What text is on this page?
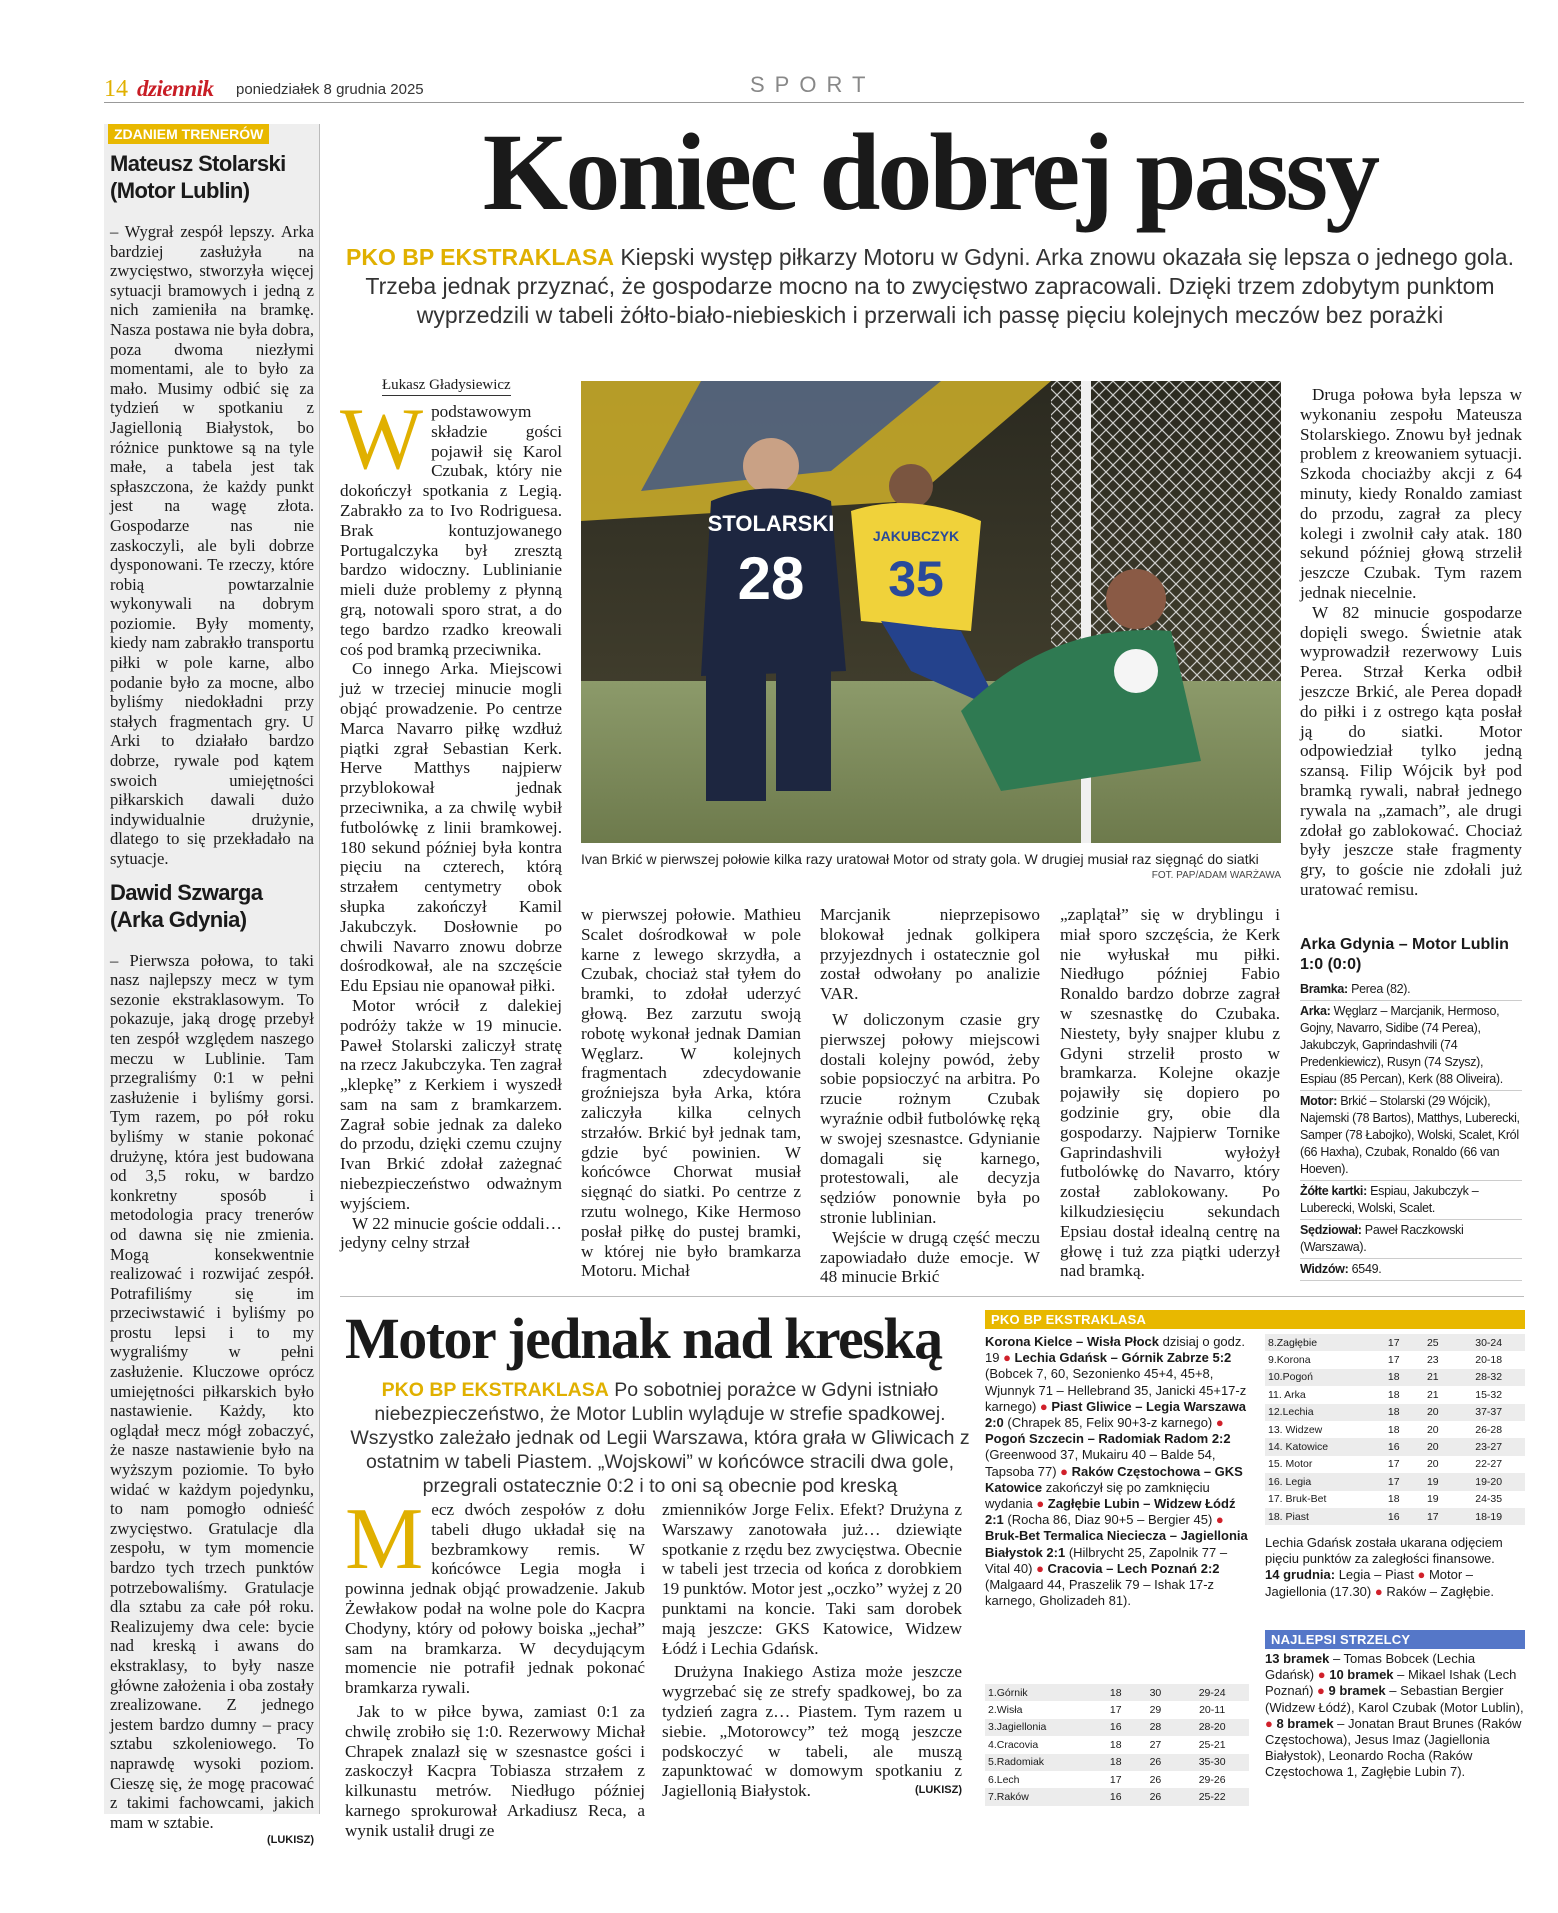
14 dziennik poniedziałek 8 grudnia 2025	SPORT
ZDANIEM TRENERÓW
Mateusz Stolarski
(Motor Lublin)
– Wygrał zespół lepszy. Arka bardziej zasłużyła na zwycięstwo, stworzyła więcej sytuacji bramowych i jedną z nich zamieniła na bramkę. Nasza postawa nie była dobra, poza dwoma niezłymi momentami, ale to było za mało. Musimy odbić się za tydzień w spotkaniu z Jagiellonią Białystok, bo różnice punktowe są na tyle małe, a tabela jest tak spłaszczona, że każdy punkt jest na wagę złota. Gospodarze nas nie zaskoczyli, ale byli dobrze dysponowani. Te rzeczy, które robią powtarzalnie wykonywali na dobrym poziomie. Były momenty, kiedy nam zabrakło transportu piłki w pole karne, albo podanie było za mocne, albo byliśmy niedokładni przy stałych fragmentach gry. U Arki to działało bardzo dobrze, rywale pod kątem swoich umiejętności piłkarskich dawali dużo indywidualnie drużynie, dlatego to się przekładało na sytuacje.
Dawid Szwarga
(Arka Gdynia)
– Pierwsza połowa, to taki nasz najlepszy mecz w tym sezonie ekstraklasowym. To pokazuje, jaką drogę przebył ten zespół względem naszego meczu w Lublinie. Tam przegraliśmy 0:1 w pełni zasłużenie i byliśmy gorsi. Tym razem, po pół roku byliśmy w stanie pokonać drużynę, która jest budowana od 3,5 roku, w bardzo konkretny sposób i metodologia pracy trenerów od dawna się nie zmienia. Mogą konsekwentnie realizować i rozwijać zespół. Potrafiliśmy się im przeciwstawić i byliśmy po prostu lepsi i to my wygraliśmy w pełni zasłużenie. Kluczowe oprócz umiejętności piłkarskich było nastawienie. Każdy, kto oglądał mecz mógł zobaczyć, że nasze nastawienie było na wyższym poziomie. To było widać w każdym pojedynku, to nam pomogło odnieść zwycięstwo. Gratulacje dla zespołu, w tym momencie bardzo tych trzech punktów potrzebowaliśmy. Gratulacje dla sztabu za całe pół roku. Realizujemy dwa cele: bycie nad kreską i awans do ekstraklasy, to były nasze główne założenia i oba zostały zrealizowane. Z jednego jestem bardzo dumny – pracy sztabu szkoleniowego. To naprawdę wysoki poziom. Cieszę się, że mogę pracować z takimi fachowcami, jakich mam w sztabie.
(LUKISZ)
Koniec dobrej passy
PKO BP EKSTRAKLASA Kiepski występ piłkarzy Motoru w Gdyni. Arka znowu okazała się lepsza o jednego gola. Trzeba jednak przyznać, że gospodarze mocno na to zwycięstwo zapracowali. Dzięki trzem zdobytym punktom wyprzedzili w tabeli żółto-biało-niebieskich i przerwali ich passę pięciu kolejnych meczów bez porażki
Łukasz Gładysiewicz
W podstawowym składzie gości pojawił się Karol Czubak, który nie dokończył spotkania z Legią. Zabrakło za to Ivo Rodriguesa. Brak kontuzjowanego Portugalczyka był zresztą bardzo widoczny. Lublinianie mieli duże problemy z płynną grą, notowali sporo strat, a do tego bardzo rzadko kreowali coś pod bramką przeciwnika.

Co innego Arka. Miejscowi już w trzeciej minucie mogli objąć prowadzenie. Po centrze Marca Navarro piłkę wzdłuż piątki zgrał Sebastian Kerk. Herve Matthys najpierw przyblokował jednak przeciwnika, a za chwilę wybił futbolówkę z linii bramkowej. 180 sekund później była kontra pięciu na czterech, którą strzałem centymetry obok słupka zakończył Kamil Jakubczyk. Dosłownie po chwili Navarro znowu dobrze dośrodkował, ale na szczęście Edu Epsiau nie opanował piłki.

Motor wrócił z dalekiej podróży także w 19 minucie. Paweł Stolarski zaliczył stratę na rzecz Jakubczyka. Ten zagrał „klepkę” z Kerkiem i wyszedł sam na sam z bramkarzem. Zagrał sobie jednak za daleko do przodu, dzięki czemu czujny Ivan Brkić zdołał zażegnać niebezpieczeństwo odważnym wyjściem.

W 22 minucie goście oddali… jedyny celny strzał

STOLARSKI
28
JAKUBCZYK
35
Ivan Brkić w pierwszej połowie kilka razy uratował Motor od straty gola. W drugiej musiał raz sięgnąć do siatki
FOT. PAP/ADAM WARŻAWA

w pierwszej połowie. Mathieu Scalet dośrodkował w pole karne z lewego skrzydła, a Czubak, chociaż stał tyłem do bramki, to zdołał uderzyć głową. Bez zarzutu swoją robotę wykonał jednak Damian Węglarz. W kolejnych fragmentach zdecydowanie groźniejsza była Arka, która zaliczyła kilka celnych strzałów. Brkić był jednak tam, gdzie być powinien. W końcówce Chorwat musiał sięgnąć do siatki. Po centrze z rzutu wolnego, Kike Hermoso posłał piłkę do pustej bramki, w której nie było bramkarza Motoru. Michał

Marcjanik nieprzepisowo blokował jednak golkipera przyjezdnych i ostatecznie gol został odwołany po analizie VAR.

W doliczonym czasie gry pierwszej połowy miejscowi dostali kolejny powód, żeby sobie popsioczyć na arbitra. Po rzucie rożnym Czubak wyraźnie odbił futbolówkę ręką w swojej szesnastce. Gdynianie domagali się karnego, protestowali, ale decyzja sędziów ponownie była po stronie lublinian.

Wejście w drugą część meczu zapowiadało duże emocje. W 48 minucie Brkić

„zaplątał” się w dryblingu i miał sporo szczęścia, że Kerk nie wyłuskał mu piłki. Niedługo później Fabio Ronaldo bardzo dobrze zagrał w szesnastkę do Czubaka. Niestety, były snajper klubu z Gdyni strzelił prosto w bramkarza. Kolejne okazje pojawiły się dopiero po godzinie gry, obie dla gospodarzy. Najpierw Tornike Gaprindashvili wyłożył futbolówkę do Navarro, który został zablokowany. Po kilkudziesięciu sekundach Epsiau dostał idealną centrę na głowę i tuż zza piątki uderzył nad bramką.

Druga połowa była lepsza w wykonaniu zespołu Mateusza Stolarskiego. Znowu był jednak problem z kreowaniem sytuacji. Szkoda chociażby akcji z 64 minuty, kiedy Ronaldo zamiast do przodu, zagrał za plecy kolegi i zwolnił cały atak. 180 sekund później głową strzelił jeszcze Czubak. Tym razem jednak niecelnie.

W 82 minucie gospodarze dopięli swego. Świetnie atak wyprowadził rezerwowy Luis Perea. Strzał Kerka odbił jeszcze Brkić, ale Perea dopadł do piłki i z ostrego kąta posłał ją do siatki. Motor odpowiedział tylko jedną szansą. Filip Wójcik był pod bramką rywali, nabrał jednego rywala na „zamach”, ale drugi zdołał go zablokować. Chociaż były jeszcze stałe fragmenty gry, to goście nie zdołali już uratować remisu.

Arka Gdynia – Motor Lublin 1:0 (0:0)
Bramka: Perea (82).
Arka: Węglarz – Marcjanik, Hermoso, Gojny, Navarro, Sidibe (74 Perea), Jakubczyk, Gaprindashvili (74 Predenkiewicz), Rusyn (74 Szysz), Espiau (85 Percan), Kerk (88 Oliveira).
Motor: Brkić – Stolarski (29 Wójcik), Najemski (78 Bartos), Matthys, Luberecki, Samper (78 Łabojko), Wolski, Scalet, Król (66 Haxha), Czubak, Ronaldo (66 van Hoeven).
Żółte kartki: Espiau, Jakubczyk – Luberecki, Wolski, Scalet.
Sędziował: Paweł Raczkowski (Warszawa).
Widzów: 6549.
Motor jednak nad kreską
PKO BP EKSTRAKLASA Po sobotniej porażce w Gdyni istniało niebezpieczeństwo, że Motor Lublin wyląduje w strefie spadkowej. Wszystko zależało jednak od Legii Warszawa, która grała w Gliwicach z ostatnim w tabeli Piastem. „Wojskowi” w końcówce stracili dwa gole, przegrali ostatecznie 0:2 i to oni są obecnie pod kreską
M ecz dwóch zespołów z dołu tabeli długo układał się na bezbramkowy remis. W końcówce Legia mogła i powinna jednak objąć prowadzenie. Jakub Żewłakow podał na wolne pole do Kacpra Chodyny, który od połowy boiska „jechał” sam na bramkarza. W decydującym momencie nie potrafił jednak pokonać bramkarza rywali.

Jak to w piłce bywa, zamiast 0:1 za chwilę zrobiło się 1:0. Rezerwowy Michał Chrapek znalazł się w szesnastce gości i zaskoczył Kacpra Tobiasza strzałem z kilkunastu metrów. Niedługo później karnego sprokurował Arkadiusz Reca, a wynik ustalił drugi ze

zmienników Jorge Felix. Efekt? Drużyna z Warszawy zanotowała już… dziewiąte spotkanie z rzędu bez zwycięstwa. Obecnie w tabeli jest trzecia od końca z dorobkiem 19 punktów. Motor jest „oczko” wyżej z 20 punktami na koncie. Taki sam dorobek mają jeszcze: GKS Katowice, Widzew Łódź i Lechia Gdańsk.

Drużyna Inakiego Astiza może jeszcze wygrzebać się ze strefy spadkowej, bo za tydzień zagra z… Piastem. Tym razem u siebie. „Motorowcy” też mogą jeszcze podskoczyć w tabeli, ale muszą zapunktować w domowym spotkaniu z Jagiellonią Białystok.	(LUKISZ)
PKO BP EKSTRAKLASA
Korona Kielce – Wisła Płock dzisiaj o godz. 19 ● Lechia Gdańsk – Górnik Zabrze 5:2 (Bobcek 7, 60, Sezonienko 45+4, 45+8, Wjunnyk 71 – Hellebrand 35, Janicki 45+17-z karnego) ● Piast Gliwice – Legia Warszawa 2:0 (Chrapek 85, Felix 90+3-z karnego) ● Pogoń Szczecin – Radomiak Radom 2:2 (Greenwood 37, Mukairu 40 – Balde 54, Tapsoba 77) ● Raków Częstochowa – GKS Katowice zakończył się po zamknięciu wydania ● Zagłębie Lubin – Widzew Łódź 2:1 (Rocha 86, Diaz 90+5 – Bergier 45) ● Bruk-Bet Termalica Nieciecza – Jagiellonia Białystok 2:1 (Hilbrycht 25, Zapolnik 77 – Vital 40) ● Cracovia – Lech Poznań 2:2 (Malgaard 44, Praszelik 79 – Ishak 17-z karnego, Gholizadeh 81).
1.Górnik	18	30	29-24
2.Wisła	17	29	20-11
3.Jagiellonia	16	28	28-20
4.Cracovia	18	27	25-21
5.Radomiak	18	26	35-30
6.Lech	17	26	29-26
7.Raków	16	26	25-22
8.Zagłębie	17	25	30-24
9.Korona	17	23	20-18
10.Pogoń	18	21	28-32
11. Arka	18	21	15-32
12.Lechia	18	20	37-37
13. Widzew	18	20	26-28
14. Katowice	16	20	23-27
15. Motor	17	20	22-27
16. Legia	17	19	19-20
17. Bruk-Bet	18	19	24-35
18. Piast	16	17	18-19
Lechia Gdańsk została ukarana odjęciem pięciu punktów za zaległości finansowe.
14 grudnia: Legia – Piast ● Motor – Jagiellonia (17.30) ● Raków – Zagłębie.
NAJLEPSI STRZELCY
13 bramek – Tomas Bobcek (Lechia Gdańsk) ● 10 bramek – Mikael Ishak (Lech Poznań) ● 9 bramek – Sebastian Bergier (Widzew Łódź), Karol Czubak (Motor Lublin), ● 8 bramek – Jonatan Braut Brunes (Raków Częstochowa), Jesus Imaz (Jagiellonia Białystok), Leonardo Rocha (Raków Częstochowa 1, Zagłębie Lubin 7).
